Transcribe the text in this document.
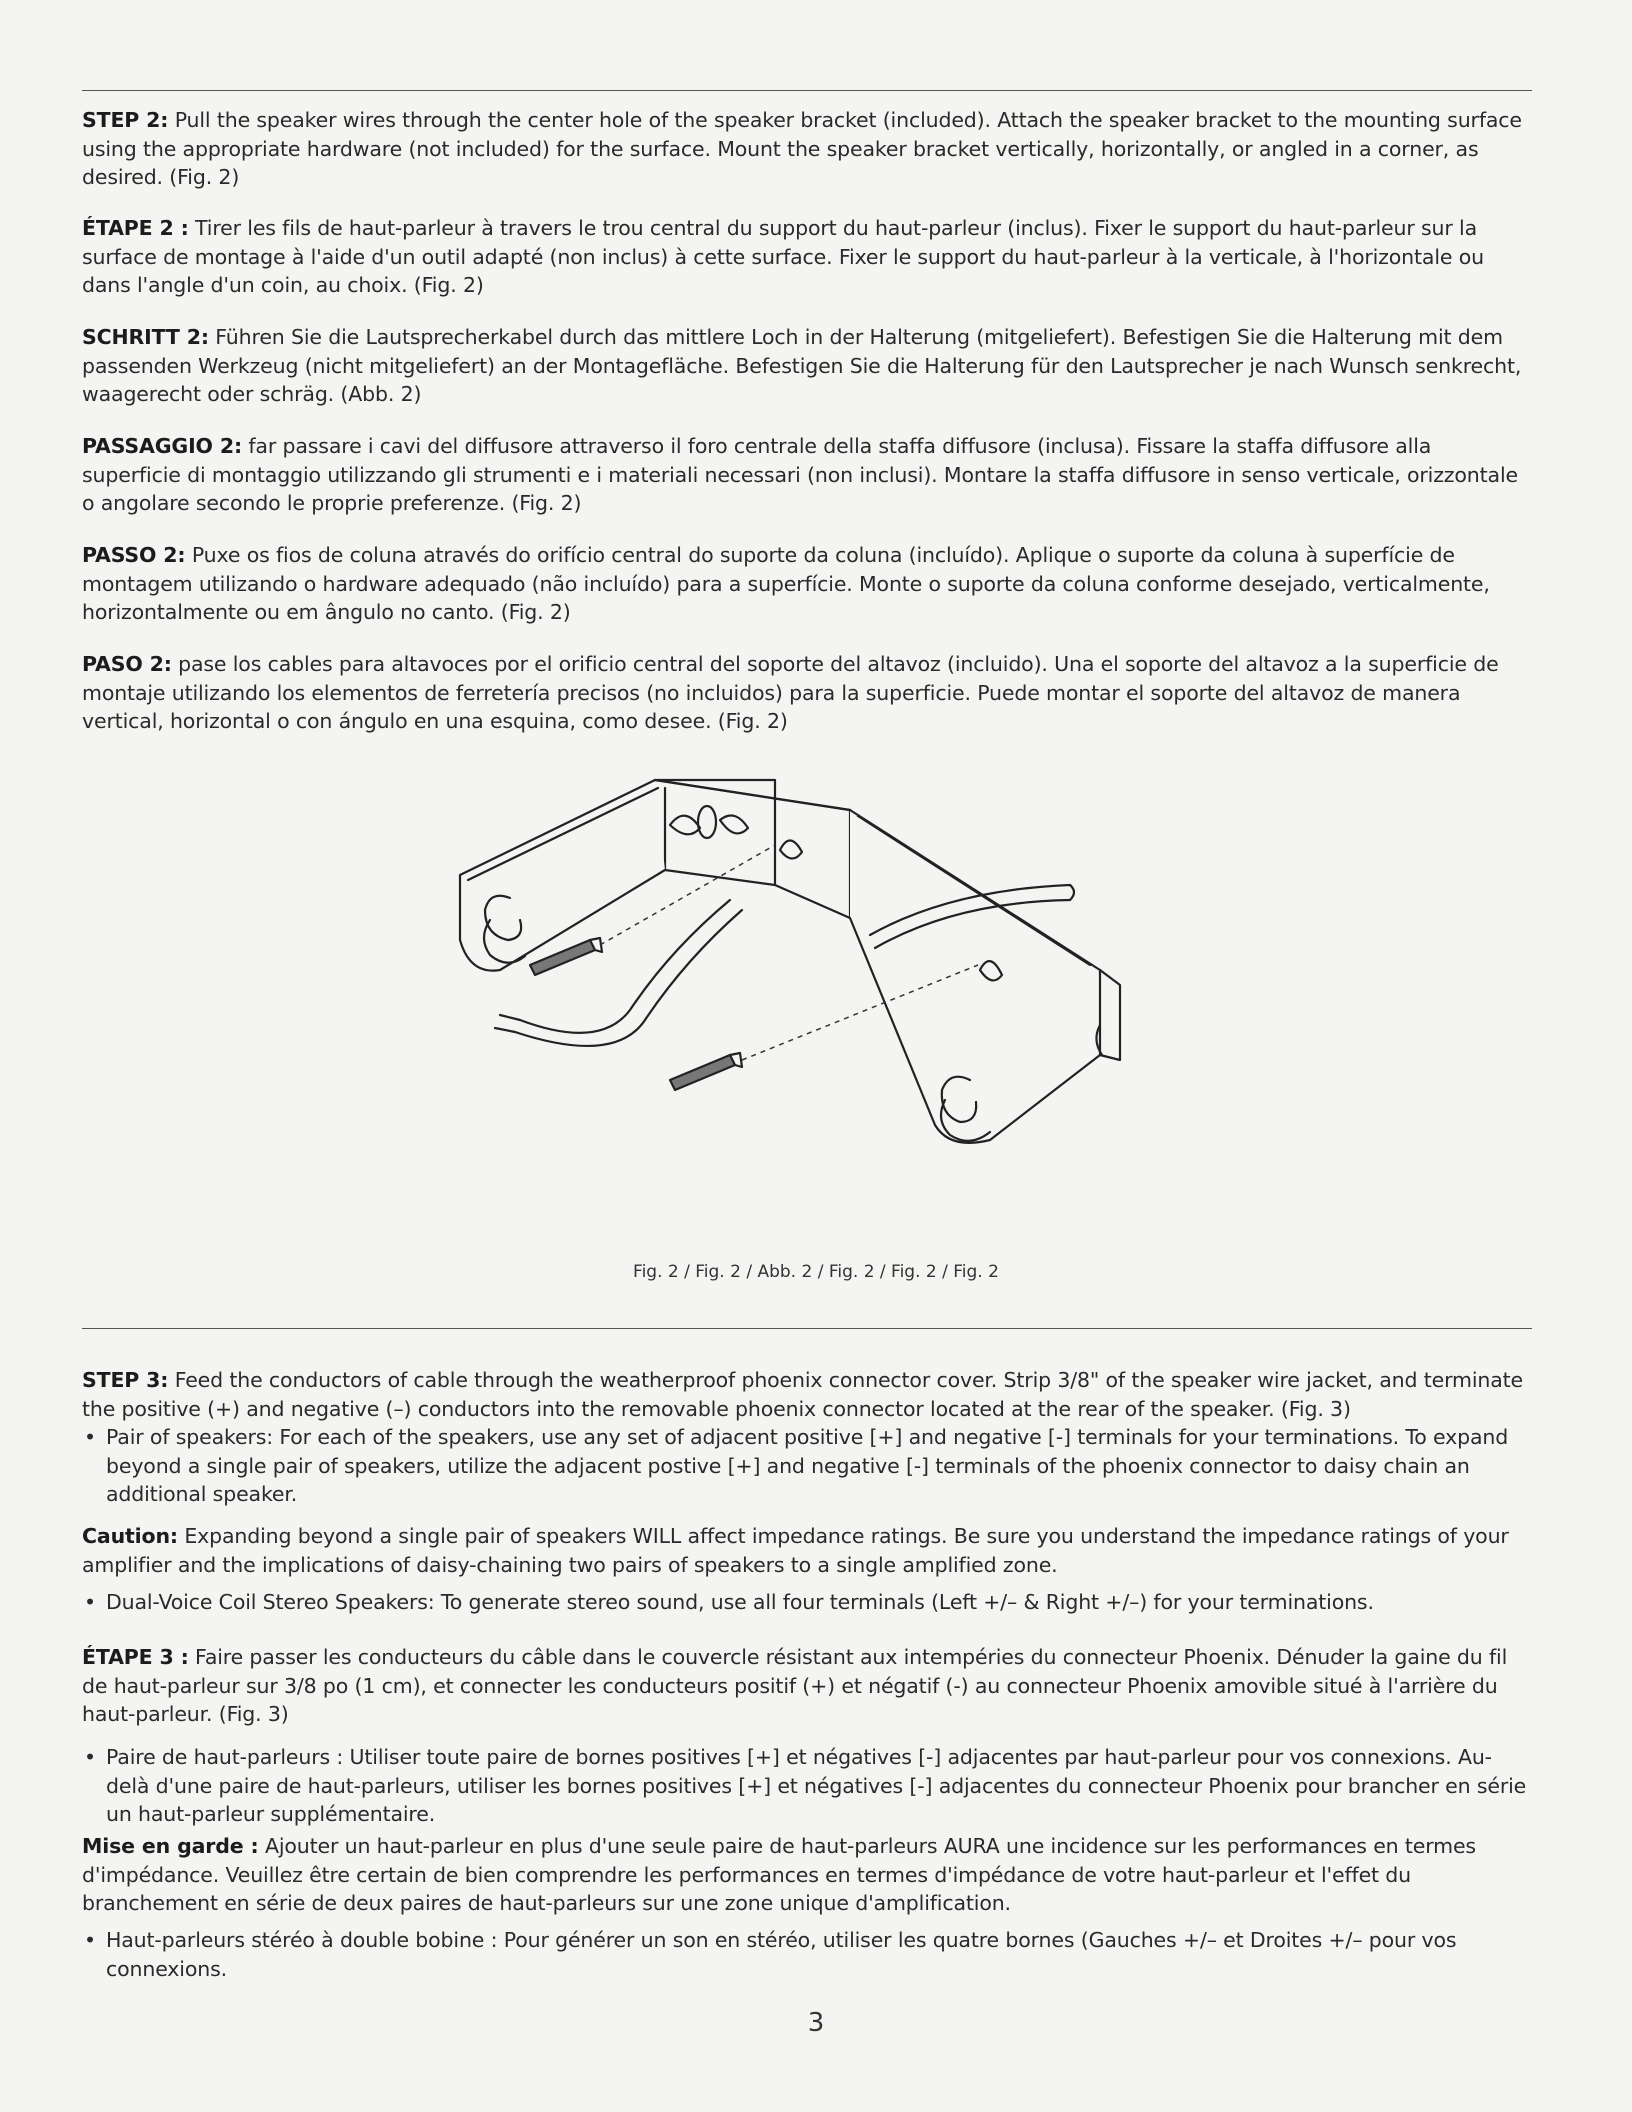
STEP 2: Pull the speaker wires through the center hole of the speaker bracket (included). Attach the speaker bracket to the mounting surface using the appropriate hardware (not included) for the surface. Mount the speaker bracket vertically, horizontally, or angled in a corner, as desired. (Fig. 2)

ÉTAPE 2 : Tirer les fils de haut-parleur à travers le trou central du support du haut-parleur (inclus). Fixer le support du haut-parleur sur la surface de montage à l'aide d'un outil adapté (non inclus) à cette surface. Fixer le support du haut-parleur à la verticale, à l'horizontale ou dans l'angle d'un coin, au choix. (Fig. 2)

SCHRITT 2: Führen Sie die Lautsprecherkabel durch das mittlere Loch in der Halterung (mitgeliefert). Befestigen Sie die Halterung mit dem passenden Werkzeug (nicht mitgeliefert) an der Montagefläche. Befestigen Sie die Halterung für den Lautsprecher je nach Wunsch senkrecht, waagerecht oder schräg. (Abb. 2)

PASSAGGIO 2: far passare i cavi del diffusore attraverso il foro centrale della staffa diffusore (inclusa). Fissare la staffa diffusore alla superficie di montaggio utilizzando gli strumenti e i materiali necessari (non inclusi). Montare la staffa diffusore in senso verticale, orizzontale o angolare secondo le proprie preferenze. (Fig. 2)

PASSO 2: Puxe os fios de coluna através do orifício central do suporte da coluna (incluído). Aplique o suporte da coluna à superfície de montagem utilizando o hardware adequado (não incluído) para a superfície. Monte o suporte da coluna conforme desejado, verticalmente, horizontalmente ou em ângulo no canto. (Fig. 2)

PASO 2: pase los cables para altavoces por el orificio central del soporte del altavoz (incluido). Una el soporte del altavoz a la superficie de montaje utilizando los elementos de ferretería precisos (no incluidos) para la superficie. Puede montar el soporte del altavoz de manera vertical, horizontal o con ángulo en una esquina, como desee. (Fig. 2)

Fig. 2 / Fig. 2 / Abb. 2 / Fig. 2 / Fig. 2 / Fig. 2

STEP 3: Feed the conductors of cable through the weatherproof phoenix connector cover. Strip 3/8" of the speaker wire jacket, and terminate the positive (+) and negative (–) conductors into the removable phoenix connector located at the rear of the speaker. (Fig. 3)

• Pair of speakers: For each of the speakers, use any set of adjacent positive [+] and negative [-] terminals for your terminations. To expand beyond a single pair of speakers, utilize the adjacent postive [+] and negative [-] terminals of the phoenix connector to daisy chain an additional speaker.

Caution: Expanding beyond a single pair of speakers WILL affect impedance ratings. Be sure you understand the impedance ratings of your amplifier and the implications of daisy-chaining two pairs of speakers to a single amplified zone.

• Dual-Voice Coil Stereo Speakers: To generate stereo sound, use all four terminals (Left +/– & Right +/–) for your terminations.

ÉTAPE 3 : Faire passer les conducteurs du câble dans le couvercle résistant aux intempéries du connecteur Phoenix. Dénuder la gaine du fil de haut-parleur sur 3/8 po (1 cm), et connecter les conducteurs positif (+) et négatif (-) au connecteur Phoenix amovible situé à l'arrière du haut-parleur. (Fig. 3)

• Paire de haut-parleurs : Utiliser toute paire de bornes positives [+] et négatives [-] adjacentes par haut-parleur pour vos connexions. Au-delà d'une paire de haut-parleurs, utiliser les bornes positives [+] et négatives [-] adjacentes du connecteur Phoenix pour brancher en série un haut-parleur supplémentaire.

Mise en garde : Ajouter un haut-parleur en plus d'une seule paire de haut-parleurs AURA une incidence sur les performances en termes d'impédance. Veuillez être certain de bien comprendre les performances en termes d'impédance de votre haut-parleur et l'effet du branchement en série de deux paires de haut-parleurs sur une zone unique d'amplification.

• Haut-parleurs stéréo à double bobine : Pour générer un son en stéréo, utiliser les quatre bornes (Gauches +/– et Droites +/– pour vos connexions.
3
